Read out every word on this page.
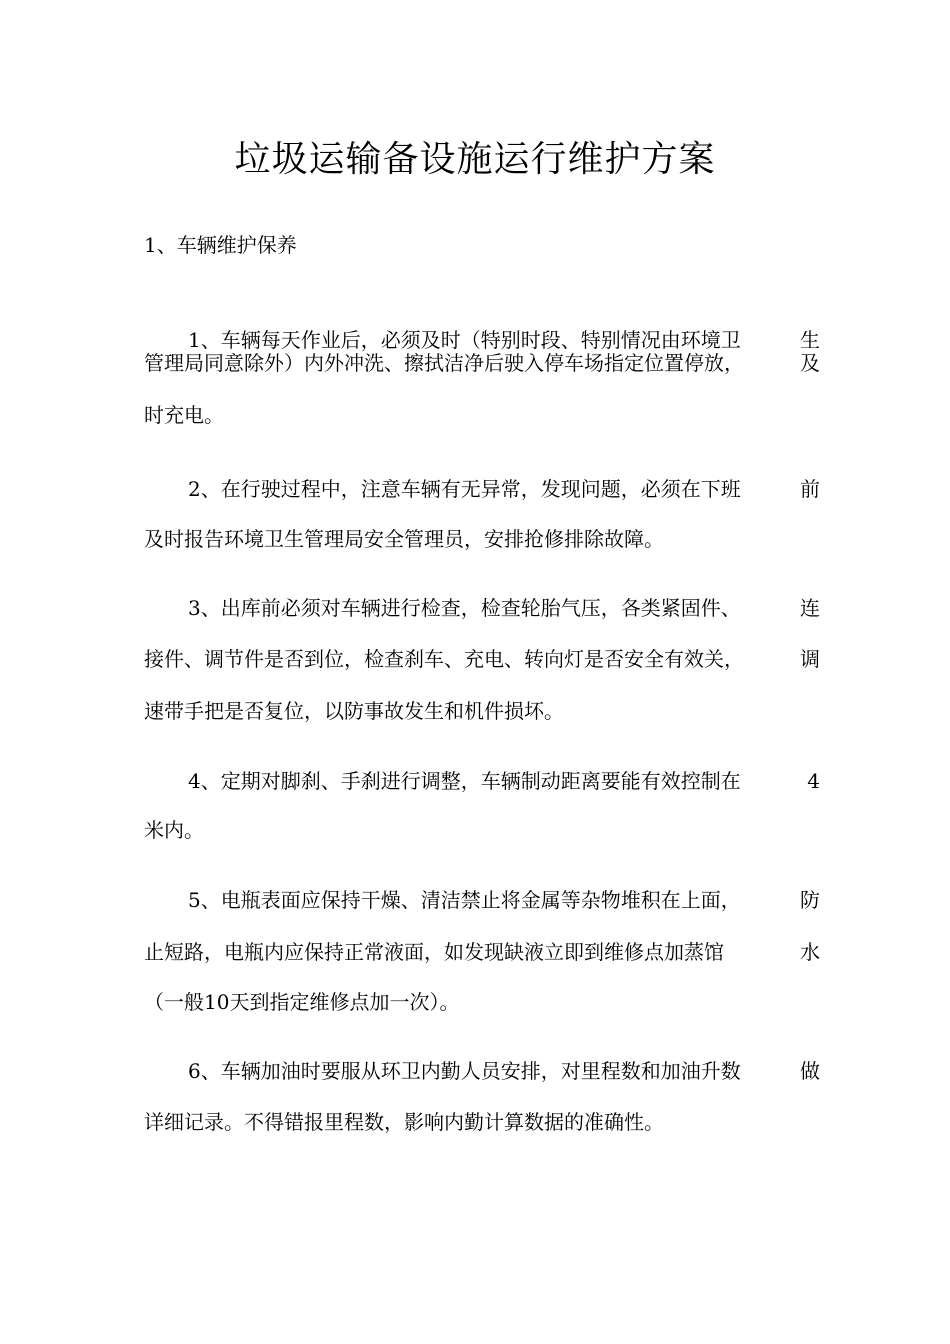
垃圾运输备设施运行维护方案
1、车辆维护保养
1、车辆每天作业后，必须及时（特别时段、特别情况由环境卫	生
管理局同意除外）内外冲洗、擦拭洁净后驶入停车场指定位置停放，	及
时充电。
2、在行驶过程中，注意车辆有无异常，发现问题，必须在下班	前
及时报告环境卫生管理局安全管理员，安排抢修排除故障。
3、出库前必须对车辆进行检查，检查轮胎气压，各类紧固件、	连
接件、调节件是否到位，检查刹车、充电、转向灯是否安全有效关，	调
速带手把是否复位，以防事故发生和机件损坏。
4、定期对脚刹、手刹进行调整，车辆制动距离要能有效控制在	4
米内。
5、电瓶表面应保持干燥、清洁禁止将金属等杂物堆积在上面，	防
止短路，电瓶内应保持正常液面，如发现缺液立即到维修点加蒸馆	水
（一般10天到指定维修点加一次）。
6、车辆加油时要服从环卫内勤人员安排，对里程数和加油升数	做
详细记录。不得错报里程数，影响内勤计算数据的准确性。
